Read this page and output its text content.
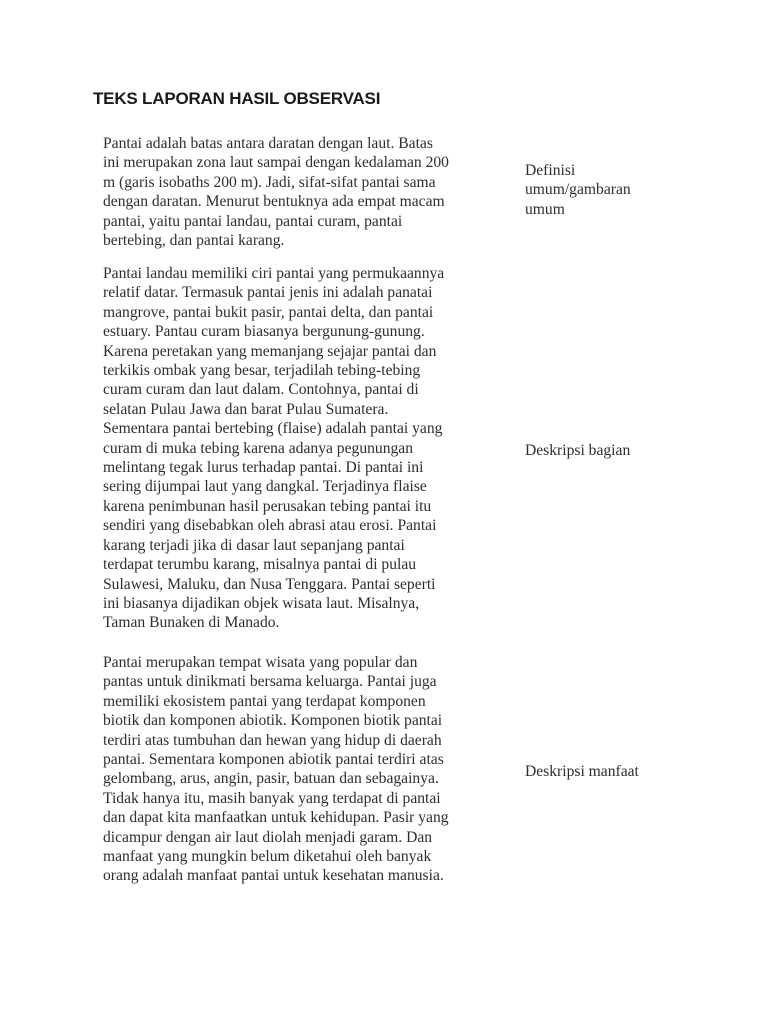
TEKS LAPORAN HASIL OBSERVASI

Pantai adalah batas antara daratan dengan laut. Batas
ini merupakan zona laut sampai dengan kedalaman 200
m (garis isobaths 200 m). Jadi, sifat-sifat pantai sama
dengan daratan. Menurut bentuknya ada empat macam
pantai, yaitu pantai landau, pantai curam, pantai
bertebing, dan pantai karang.

Definisi
umum/gambaran
umum

Pantai landau memiliki ciri pantai yang permukaannya
relatif datar. Termasuk pantai jenis ini adalah panatai
mangrove, pantai bukit pasir, pantai delta, dan pantai
estuary. Pantau curam biasanya bergunung-gunung.
Karena peretakan yang memanjang sejajar pantai dan
terkikis ombak yang besar, terjadilah tebing-tebing
curam curam dan laut dalam. Contohnya, pantai di
selatan Pulau Jawa dan barat Pulau Sumatera.
Sementara pantai bertebing (flaise) adalah pantai yang
curam di muka tebing karena adanya pegunungan
melintang tegak lurus terhadap pantai. Di pantai ini
sering dijumpai laut yang dangkal. Terjadinya flaise
karena penimbunan hasil perusakan tebing pantai itu
sendiri yang disebabkan oleh abrasi atau erosi. Pantai
karang terjadi jika di dasar laut sepanjang pantai
terdapat terumbu karang, misalnya pantai di pulau
Sulawesi, Maluku, dan Nusa Tenggara. Pantai seperti
ini biasanya dijadikan objek wisata laut. Misalnya,
Taman Bunaken di Manado.

Deskripsi bagian

Pantai merupakan tempat wisata yang popular dan
pantas untuk dinikmati bersama keluarga. Pantai juga
memiliki ekosistem pantai yang terdapat komponen
biotik dan komponen abiotik. Komponen biotik pantai
terdiri atas tumbuhan dan hewan yang hidup di daerah
pantai. Sementara komponen abiotik pantai terdiri atas
gelombang, arus, angin, pasir, batuan dan sebagainya.
Tidak hanya itu, masih banyak yang terdapat di pantai
dan dapat kita manfaatkan untuk kehidupan. Pasir yang
dicampur dengan air laut diolah menjadi garam. Dan
manfaat yang mungkin belum diketahui oleh banyak
orang adalah manfaat pantai untuk kesehatan manusia.

Deskripsi manfaat
